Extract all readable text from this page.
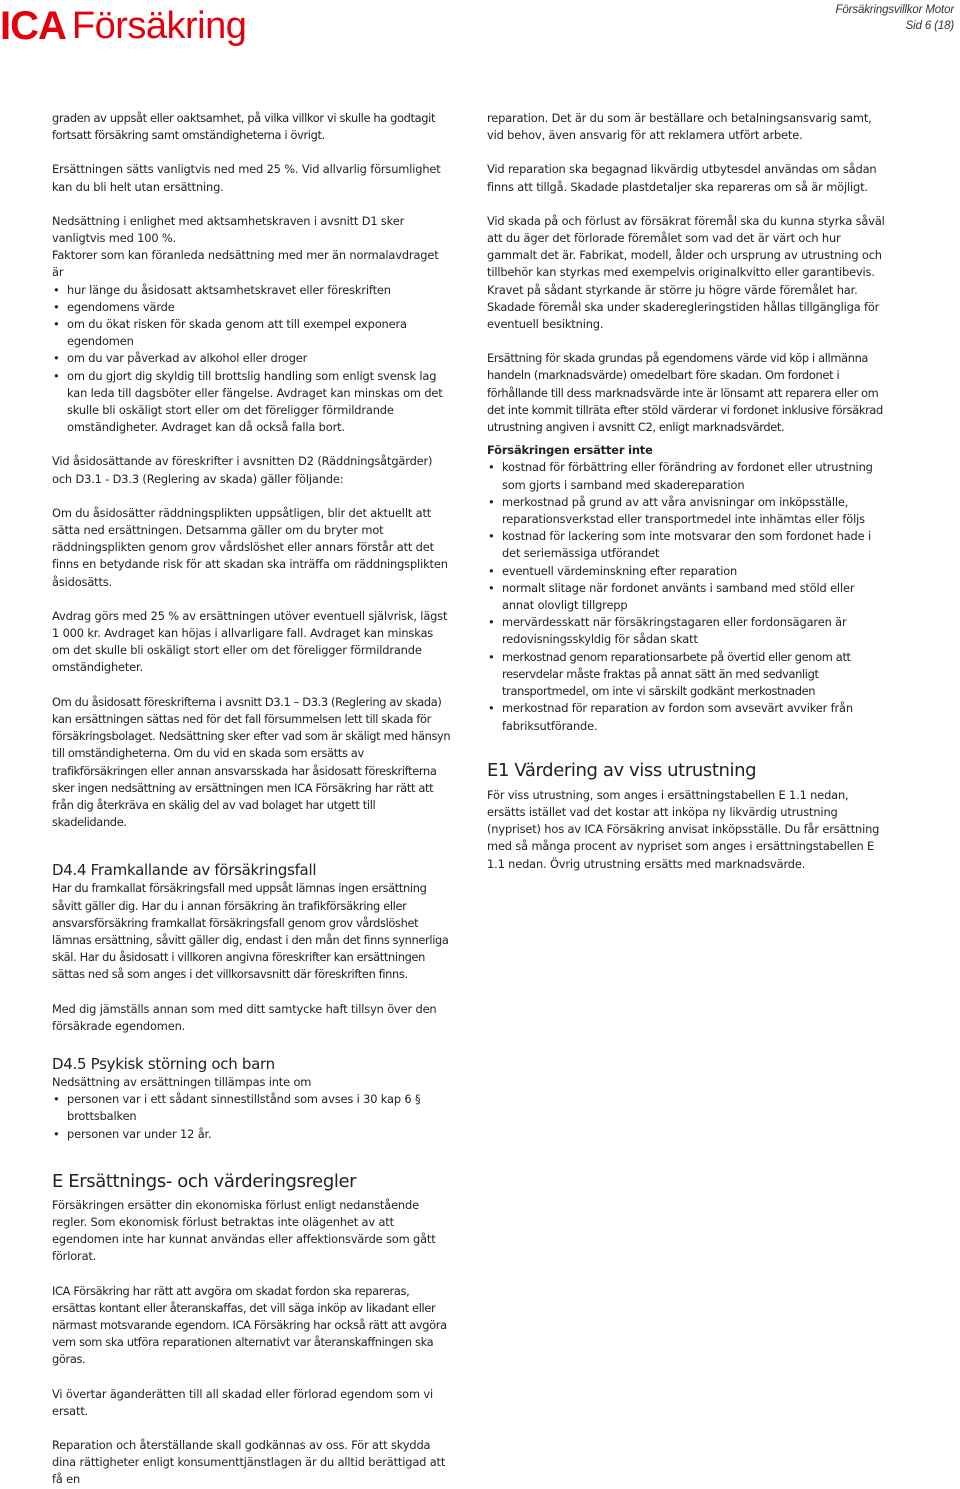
ICA Försäkring	Försäkringsvillkor Motor
Sid 6 (18)

graden av uppsåt eller oaktsamhet, på vilka villkor vi skulle ha godtagit fortsatt försäkring samt omständigheterna i övrigt.

Ersättningen sätts vanligtvis ned med 25 %. Vid allvarlig försumlighet kan du bli helt utan ersättning.

Nedsättning i enlighet med aktsamhetskraven i avsnitt D1 sker vanligtvis med 100 %.

Faktorer som kan föranleda nedsättning med mer än normalavdraget är

• hur länge du åsidosatt aktsamhetskravet eller föreskriften
• egendomens värde
• om du ökat risken för skada genom att till exempel exponera egendomen
• om du var påverkad av alkohol eller droger
• om du gjort dig skyldig till brottslig handling som enligt svensk lag kan leda till dagsböter eller fängelse. Avdraget kan minskas om det skulle bli oskäligt stort eller om det föreligger förmildrande omständigheter. Avdraget kan då också falla bort.

Vid åsidosättande av föreskrifter i avsnitten D2 (Räddningsåtgärder) och D3.1 - D3.3 (Reglering av skada) gäller följande:

Om du åsidosätter räddningsplikten uppsåtligen, blir det aktuellt att sätta ned ersättningen. Detsamma gäller om du bryter mot räddningsplikten genom grov vårdslöshet eller annars förstår att det finns en betydande risk för att skadan ska inträffa om räddningsplikten åsidosätts.

Avdrag görs med 25 % av ersättningen utöver eventuell självrisk, lägst 1 000 kr. Avdraget kan höjas i allvarligare fall. Avdraget kan minskas om det skulle bli oskäligt stort eller om det föreligger förmildrande omständigheter.

Om du åsidosatt föreskrifterna i avsnitt D3.1 – D3.3 (Reglering av skada) kan ersättningen sättas ned för det fall försummelsen lett till skada för försäkringsbolaget. Nedsättning sker efter vad som är skäligt med hänsyn till omständigheterna. Om du vid en skada som ersätts av trafikförsäkringen eller annan ansvarsskada har åsidosatt föreskrifterna sker ingen nedsättning av ersättningen men ICA Försäkring har rätt att från dig återkräva en skälig del av vad bolaget har utgett till skadelidande.

D4.4 Framkallande av försäkringsfall

Har du framkallat försäkringsfall med uppsåt lämnas ingen ersättning såvitt gäller dig. Har du i annan försäkring än trafikförsäkring eller ansvarsförsäkring framkallat försäkringsfall genom grov vårdslöshet lämnas ersättning, såvitt gäller dig, endast i den mån det finns synnerliga skäl. Har du åsidosatt i villkoren angivna föreskrifter kan ersättningen sättas ned så som anges i det villkorsavsnitt där föreskriften finns.

Med dig jämställs annan som med ditt samtycke haft tillsyn över den försäkrade egendomen.

D4.5 Psykisk störning och barn

Nedsättning av ersättningen tillämpas inte om

• personen var i ett sådant sinnestillstånd som avses i 30 kap 6 § brottsbalken
• personen var under 12 år.
E Ersättnings- och värderingsregler

Försäkringen ersätter din ekonomiska förlust enligt nedanstående regler. Som ekonomisk förlust betraktas inte olägenhet av att egendomen inte har kunnat användas eller affektionsvärde som gått förlorat.

ICA Försäkring har rätt att avgöra om skadat fordon ska repareras, ersättas kontant eller återanskaffas, det vill säga inköp av likadant eller närmast motsvarande egendom. ICA Försäkring har också rätt att avgöra vem som ska utföra reparationen alternativt var återanskaffningen ska göras.

Vi övertar äganderätten till all skadad eller förlorad egendom som vi ersatt.

Reparation och återställande skall godkännas av oss. För att skydda dina rättigheter enligt konsumenttjänstlagen är du alltid berättigad att få en

reparation. Det är du som är beställare och betalningsansvarig samt, vid behov, även ansvarig för att reklamera utfört arbete.

Vid reparation ska begagnad likvärdig utbytesdel användas om sådan finns att tillgå. Skadade plastdetaljer ska repareras om så är möjligt.

Vid skada på och förlust av försäkrat föremål ska du kunna styrka såväl att du äger det förlorade föremålet som vad det är värt och hur gammalt det är. Fabrikat, modell, ålder och ursprung av utrustning och tillbehör kan styrkas med exempelvis originalkvitto eller garantibevis. Kravet på sådant styrkande är större ju högre värde föremålet har. Skadade föremål ska under skaderegleringstiden hållas tillgängliga för eventuell besiktning.

Ersättning för skada grundas på egendomens värde vid köp i allmänna handeln (marknadsvärde) omedelbart före skadan. Om fordonet i förhållande till dess marknadsvärde inte är lönsamt att reparera eller om det inte kommit tillräta efter stöld värderar vi fordonet inklusive försäkrad utrustning angiven i avsnitt C2, enligt marknadsvärdet.

Försäkringen ersätter inte

• kostnad för förbättring eller förändring av fordonet eller utrustning som gjorts i samband med skadereparation
• merkostnad på grund av att våra anvisningar om inköpsställe, reparationsverkstad eller transportmedel inte inhämtas eller följs
• kostnad för lackering som inte motsvarar den som fordonet hade i det seriemässiga utförandet
• eventuell värdeminskning efter reparation
• normalt slitage när fordonet använts i samband med stöld eller annat olovligt tillgrepp
• mervärdesskatt när försäkringstagaren eller fordonsägaren är redovisningsskyldig för sådan skatt
• merkostnad genom reparationsarbete på övertid eller genom att reservdelar måste fraktas på annat sätt än med sedvanligt transportmedel, om inte vi särskilt godkänt merkostnaden
• merkostnad för reparation av fordon som avsevärt avviker från fabriksutförande.
E1 Värdering av viss utrustning

För viss utrustning, som anges i ersättningstabellen E 1.1 nedan, ersätts istället vad det kostar att inköpa ny likvärdig utrustning (nypriset) hos av ICA Försäkring anvisat inköpsställe. Du får ersättning med så många procent av nypriset som anges i ersättningstabellen E 1.1 nedan. Övrig utrustning ersätts med marknadsvärde.
